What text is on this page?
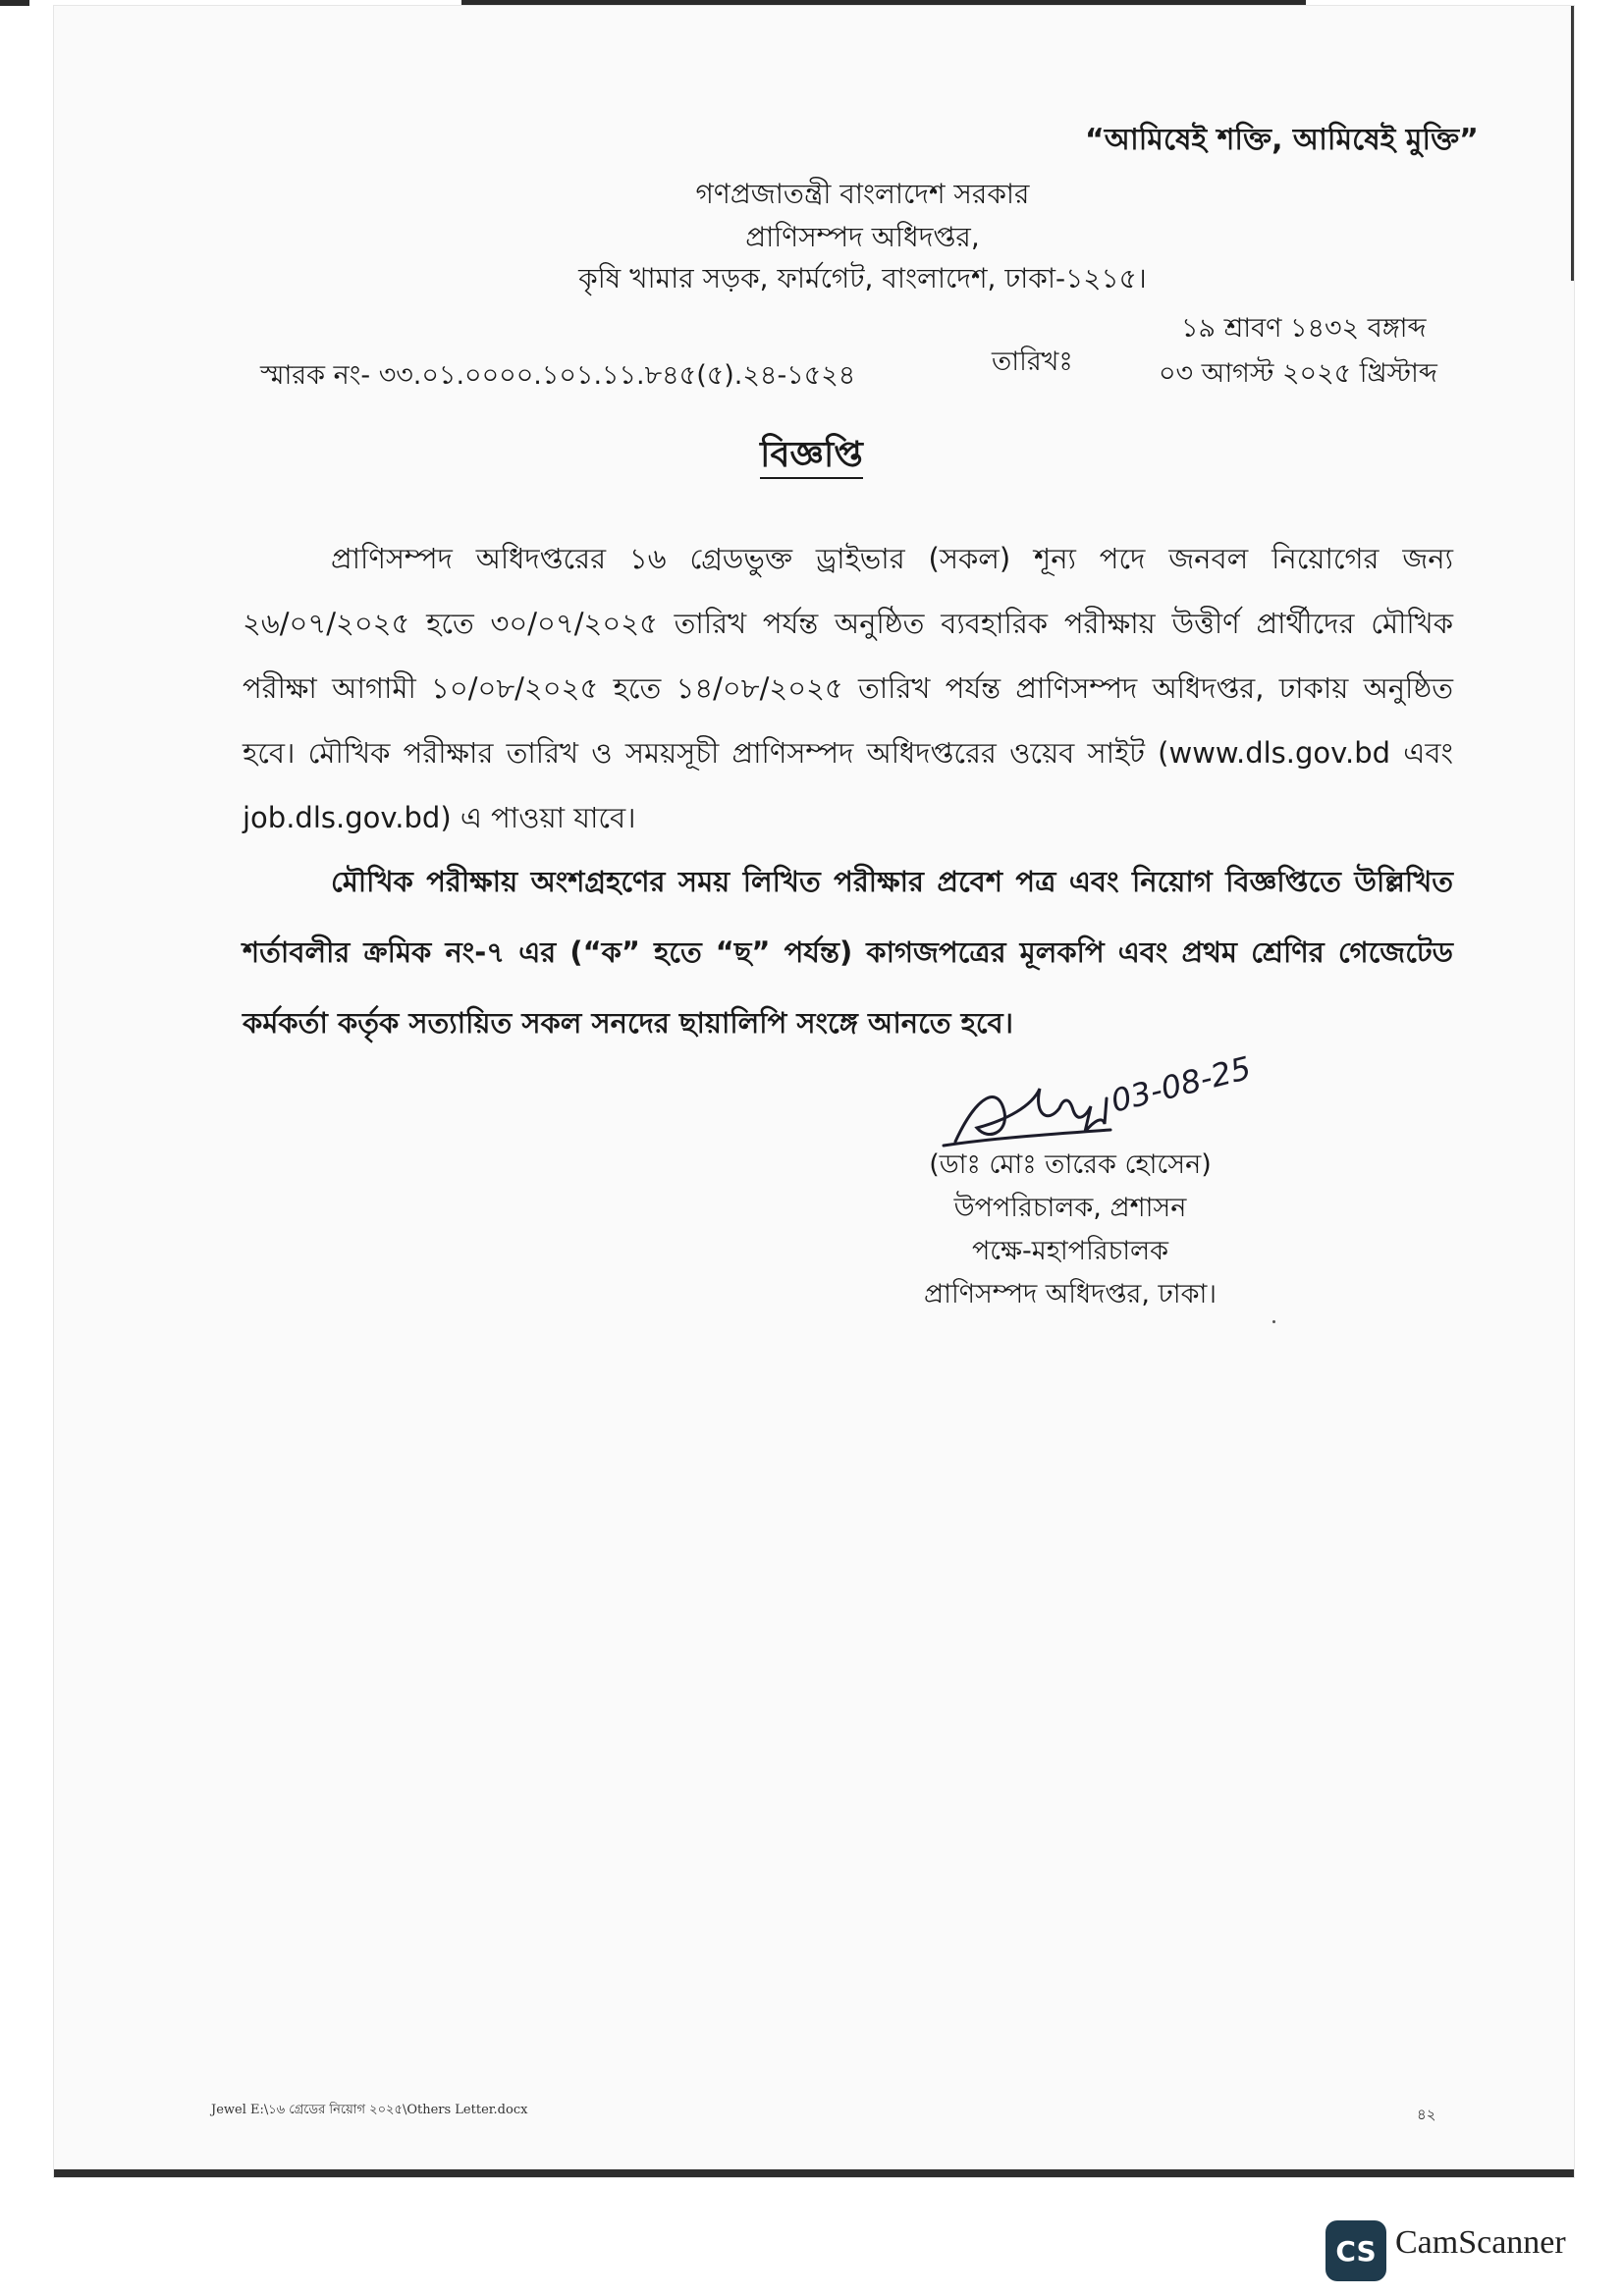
“আমিষেই শক্তি, আমিষেই মুক্তি”
গণপ্রজাতন্ত্রী বাংলাদেশ সরকার
প্রাণিসম্পদ অধিদপ্তর,
কৃষি খামার সড়ক, ফার্মগেট, বাংলাদেশ, ঢাকা-১২১৫।
স্মারক নং- ৩৩.০১.০০০০.১০১.১১.৮৪৫(৫).২৪-১৫২৪	তারিখঃ
১৯ শ্রাবণ ১৪৩২ বঙ্গাব্দ
০৩ আগস্ট ২০২৫ খ্রিস্টাব্দ
বিজ্ঞপ্তি
প্রাণিসম্পদ অধিদপ্তরের ১৬ গ্রেডভুক্ত ড্রাইভার (সকল) শূন্য পদে জনবল নিয়োগের জন্য ২৬/০৭/২০২৫ হতে ৩০/০৭/২০২৫ তারিখ পর্যন্ত অনুষ্ঠিত ব্যবহারিক পরীক্ষায় উত্তীর্ণ প্রার্থীদের মৌখিক পরীক্ষা আগামী ১০/০৮/২০২৫ হতে ১৪/০৮/২০২৫ তারিখ পর্যন্ত প্রাণিসম্পদ অধিদপ্তর, ঢাকায় অনুষ্ঠিত হবে। মৌখিক পরীক্ষার তারিখ ও সময়সূচী প্রাণিসম্পদ অধিদপ্তরের ওয়েব সাইট (www.dls.gov.bd এবং job.dls.gov.bd) এ পাওয়া যাবে।
মৌখিক পরীক্ষায় অংশগ্রহণের সময় লিখিত পরীক্ষার প্রবেশ পত্র এবং নিয়োগ বিজ্ঞপ্তিতে উল্লিখিত শর্তাবলীর ক্রমিক নং-৭ এর (“ক” হতে “ছ” পর্যন্ত) কাগজপত্রের মূলকপি এবং প্রথম শ্রেণির গেজেটেড কর্মকর্তা কর্তৃক সত্যায়িত সকল সনদের ছায়ালিপি সংঙ্গে আনতে হবে।
03-08-25
(ডাঃ মোঃ তারেক হোসেন)
উপপরিচালক, প্রশাসন
পক্ষে-মহাপরিচালক
প্রাণিসম্পদ অধিদপ্তর, ঢাকা।
Jewel E:\১৬ গ্রেডের নিয়োগ ২০২৫\Others Letter.docx	৪২
CS CamScanner
